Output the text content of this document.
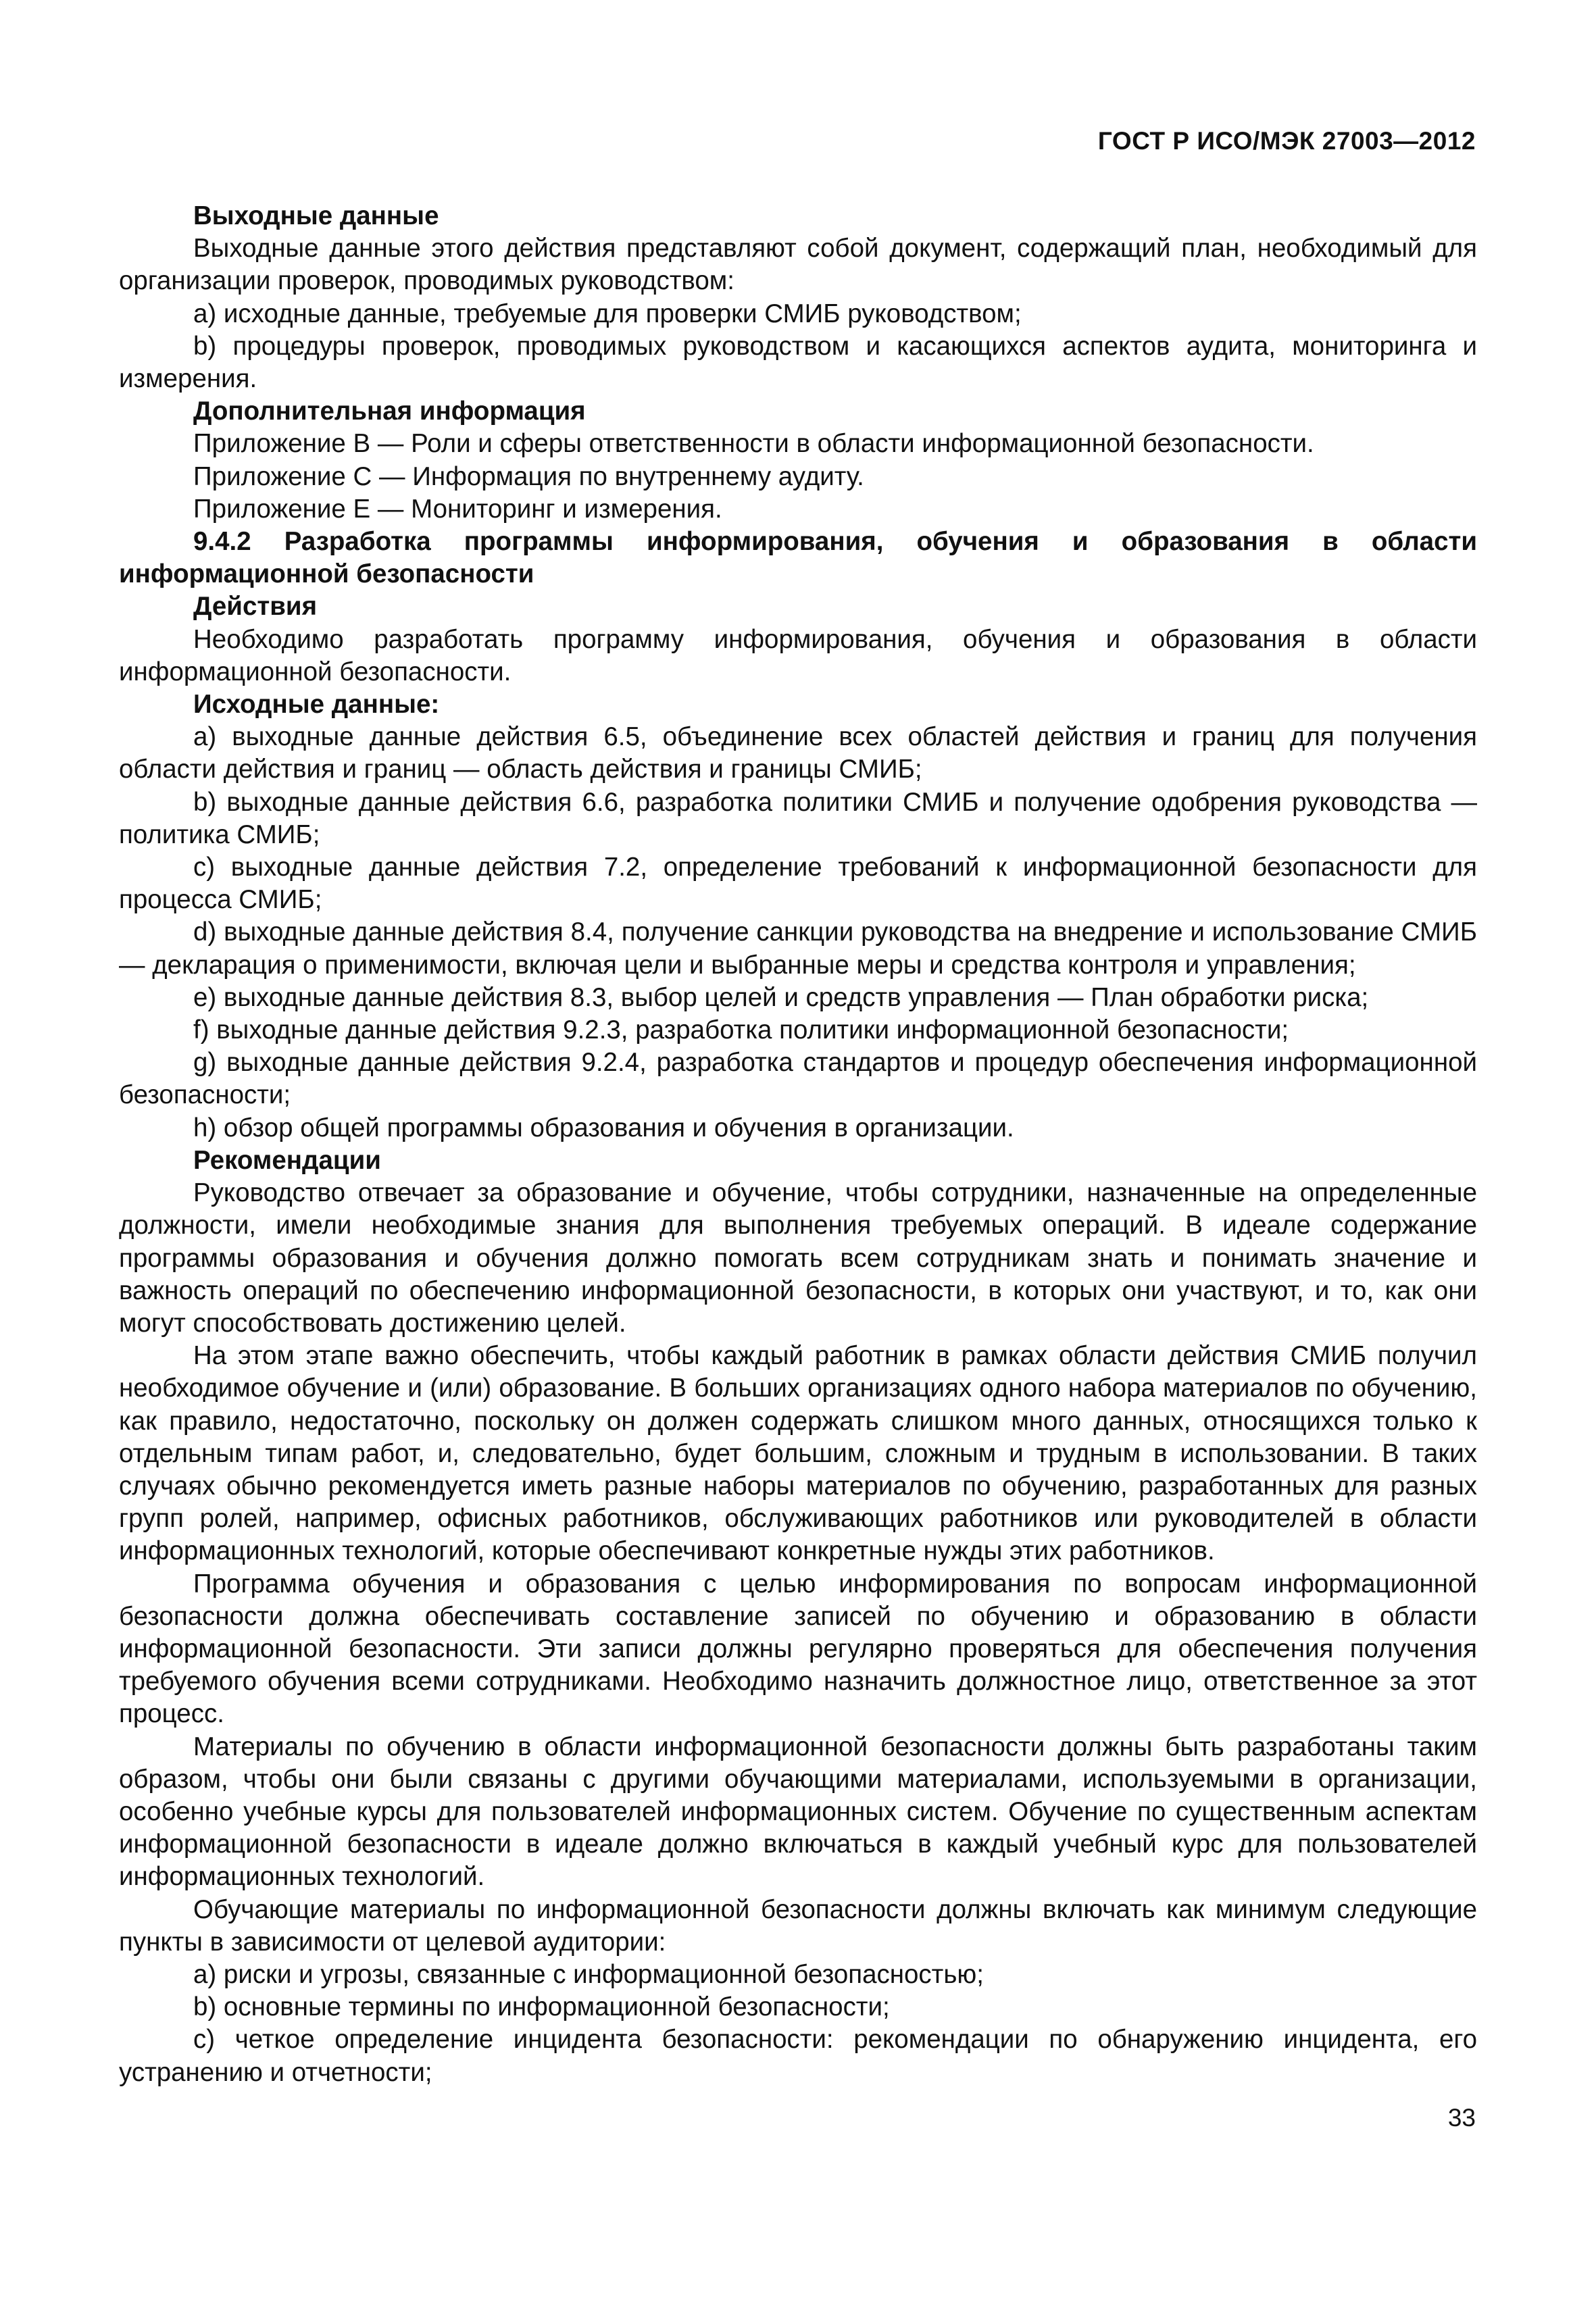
ГОСТ Р ИСО/МЭК 27003—2012

Выходные данные

Выходные данные этого действия представляют собой документ, содержащий план, необходимый для организации проверок, проводимых руководством:

a) исходные данные, требуемые для проверки СМИБ руководством;

b) процедуры проверок, проводимых руководством и касающихся аспектов аудита, мониторинга и измерения.

Дополнительная информация

Приложение B — Роли и сферы ответственности в области информационной безопасности.

Приложение C — Информация по внутреннему аудиту.

Приложение E — Мониторинг и измерения.

9.4.2 Разработка программы информирования, обучения и образования в области информационной безопасности

Действия

Необходимо разработать программу информирования, обучения и образования в области информационной безопасности.

Исходные данные:

a) выходные данные действия 6.5, объединение всех областей действия и границ для получения области действия и границ — область действия и границы СМИБ;

b) выходные данные действия 6.6, разработка политики СМИБ и получение одобрения руководства — политика СМИБ;

c) выходные данные действия 7.2, определение требований к информационной безопасности для процесса СМИБ;

d) выходные данные действия 8.4, получение санкции руководства на внедрение и использование СМИБ — декларация о применимости, включая цели и выбранные меры и средства контроля и управления;

e) выходные данные действия 8.3, выбор целей и средств управления — План обработки риска;

f) выходные данные действия 9.2.3, разработка политики информационной безопасности;

g) выходные данные действия 9.2.4, разработка стандартов и процедур обеспечения информационной безопасности;

h) обзор общей программы образования и обучения в организации.

Рекомендации

Руководство отвечает за образование и обучение, чтобы сотрудники, назначенные на определенные должности, имели необходимые знания для выполнения требуемых операций. В идеале содержание программы образования и обучения должно помогать всем сотрудникам знать и понимать значение и важность операций по обеспечению информационной безопасности, в которых они участвуют, и то, как они могут способствовать достижению целей.

На этом этапе важно обеспечить, чтобы каждый работник в рамках области действия СМИБ получил необходимое обучение и (или) образование. В больших организациях одного набора материалов по обучению, как правило, недостаточно, поскольку он должен содержать слишком много данных, относящихся только к отдельным типам работ, и, следовательно, будет большим, сложным и трудным в использовании. В таких случаях обычно рекомендуется иметь разные наборы материалов по обучению, разработанных для разных групп ролей, например, офисных работников, обслуживающих работников или руководителей в области информационных технологий, которые обеспечивают конкретные нужды этих работников.

Программа обучения и образования с целью информирования по вопросам информационной безопасности должна обеспечивать составление записей по обучению и образованию в области информационной безопасности. Эти записи должны регулярно проверяться для обеспечения получения требуемого обучения всеми сотрудниками. Необходимо назначить должностное лицо, ответственное за этот процесс.

Материалы по обучению в области информационной безопасности должны быть разработаны таким образом, чтобы они были связаны с другими обучающими материалами, используемыми в организации, особенно учебные курсы для пользователей информационных систем. Обучение по существенным аспектам информационной безопасности в идеале должно включаться в каждый учебный курс для пользователей информационных технологий.

Обучающие материалы по информационной безопасности должны включать как минимум следующие пункты в зависимости от целевой аудитории:

a) риски и угрозы, связанные с информационной безопасностью;

b) основные термины по информационной безопасности;

c) четкое определение инцидента безопасности: рекомендации по обнаружению инцидента, его устранению и отчетности;

33
